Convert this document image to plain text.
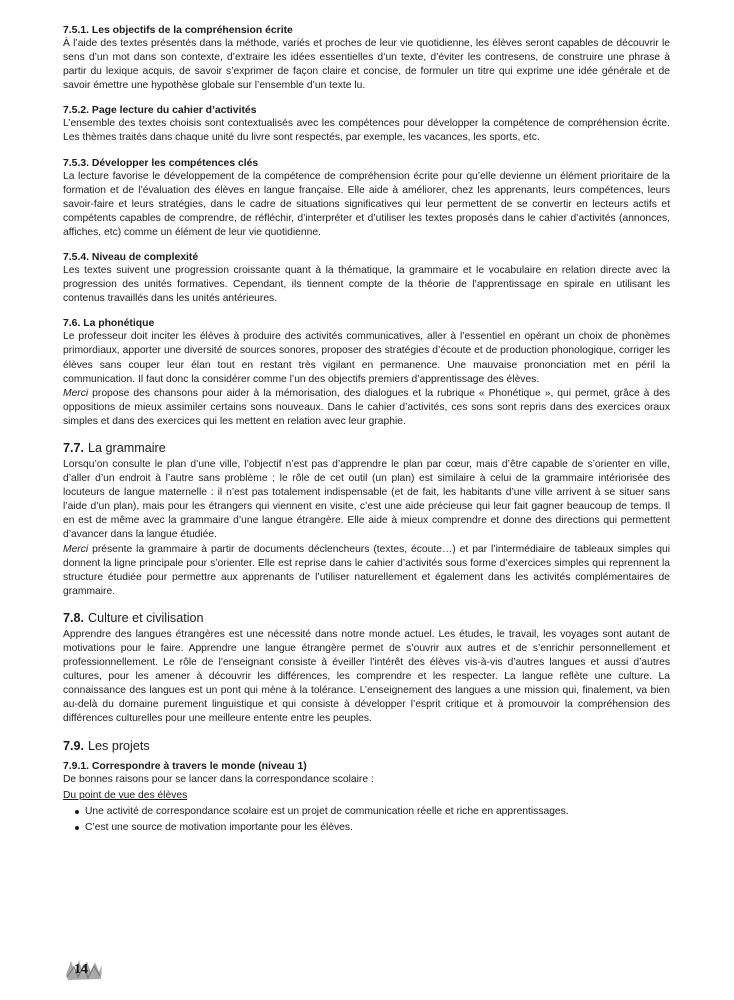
7.5.1. Les objectifs de la compréhension écrite

À l’aide des textes présentés dans la méthode, variés et proches de leur vie quotidienne, les élèves seront capables de découvrir le sens d’un mot dans son contexte, d’extraire les idées essentielles d’un texte, d’éviter les contresens, de construire une phrase à partir du lexique acquis, de savoir s’exprimer de façon claire et concise, de formuler un titre qui exprime une idée générale et de savoir émettre une hypothèse globale sur l’ensemble d’un texte lu.

7.5.2. Page lecture du cahier d’activités

L’ensemble des textes choisis sont contextualisés avec les compétences pour développer la compétence de compréhension écrite. Les thèmes traités dans chaque unité du livre sont respectés, par exemple, les vacances, les sports, etc.

7.5.3. Développer les compétences clés

La lecture favorise le développement de la compétence de compréhension écrite pour qu’elle devienne un élément prioritaire de la formation et de l’évaluation des élèves en langue française. Elle aide à améliorer, chez les apprenants, leurs compétences, leurs savoir-faire et leurs stratégies, dans le cadre de situations significatives qui leur permettent de se convertir en lecteurs actifs et compétents capables de comprendre, de réfléchir, d’interpréter et d’utiliser les textes proposés dans le cahier d’activités (annonces, affiches, etc) comme un élément de leur vie quotidienne.

7.5.4. Niveau de complexité

Les textes suivent une progression croissante quant à la thématique, la grammaire et le vocabulaire en relation directe avec la progression des unités formatives. Cependant, ils tiennent compte de la théorie de l’apprentissage en spirale en utilisant les contenus travaillés dans les unités antérieures.

7.6. La phonétique

Le professeur doit inciter les élèves à produire des activités communicatives, aller à l’essentiel en opérant un choix de phonèmes primordiaux, apporter une diversité de sources sonores, proposer des stratégies d’écoute et de production phonologique, corriger les élèves sans couper leur élan tout en restant très vigilant en permanence. Une mauvaise prononciation met en péril la communication. Il faut donc la considérer comme l’un des objectifs premiers d’apprentissage des élèves.

Merci propose des chansons pour aider à la mémorisation, des dialogues et la rubrique « Phonétique », qui permet, grâce à des oppositions de mieux assimiler certains sons nouveaux. Dans le cahier d’activités, ces sons sont repris dans des exercices oraux simples et dans des exercices qui les mettent en relation avec leur graphie.

7.7. La grammaire

Lorsqu’on consulte le plan d’une ville, l’objectif n’est pas d’apprendre le plan par cœur, mais d’être capable de s’orienter en ville, d’aller d’un endroit à l’autre sans problème ; le rôle de cet outil (un plan) est similaire à celui de la grammaire intériorisée des locuteurs de langue maternelle : il n’est pas totalement indispensable (et de fait, les habitants d’une ville arrivent à se situer sans l’aide d’un plan), mais pour les étrangers qui viennent en visite, c’est une aide précieuse qui leur fait gagner beaucoup de temps. Il en est de même avec la grammaire d’une langue étrangère. Elle aide à mieux comprendre et donne des directions qui permettent d’avancer dans la langue étudiée.

Merci présente la grammaire à partir de documents déclencheurs (textes, écoute…) et par l’intermédiaire de tableaux simples qui donnent la ligne principale pour s’orienter. Elle est reprise dans le cahier d’activités sous forme d’exercices simples qui reprennent la structure étudiée pour permettre aux apprenants de l’utiliser naturellement et également dans les activités complémentaires de grammaire.

7.8. Culture et civilisation

Apprendre des langues étrangères est une nécessité dans notre monde actuel. Les études, le travail, les voyages sont autant de motivations pour le faire. Apprendre une langue étrangère permet de s’ouvrir aux autres et de s’enrichir personnellement et professionnellement. Le rôle de l’enseignant consiste à éveiller l’intérêt des élèves vis-à-vis d’autres langues et aussi d’autres cultures, pour les amener à découvrir les différences, les comprendre et les respecter. La langue reflète une culture. La connaissance des langues est un pont qui mène à la tolérance. L’enseignement des langues a une mission qui, finalement, va bien au-delà du domaine purement linguistique et qui consiste à développer l’esprit critique et à promouvoir la compréhension des différences culturelles pour une meilleure entente entre les peuples.

7.9. Les projets

7.9.1. Correspondre à travers le monde (niveau 1)

De bonnes raisons pour se lancer dans la correspondance scolaire :

Du point de vue des élèves

Une activité de correspondance scolaire est un projet de communication réelle et riche en apprentissages.
C’est une source de motivation importante pour les élèves.
14
